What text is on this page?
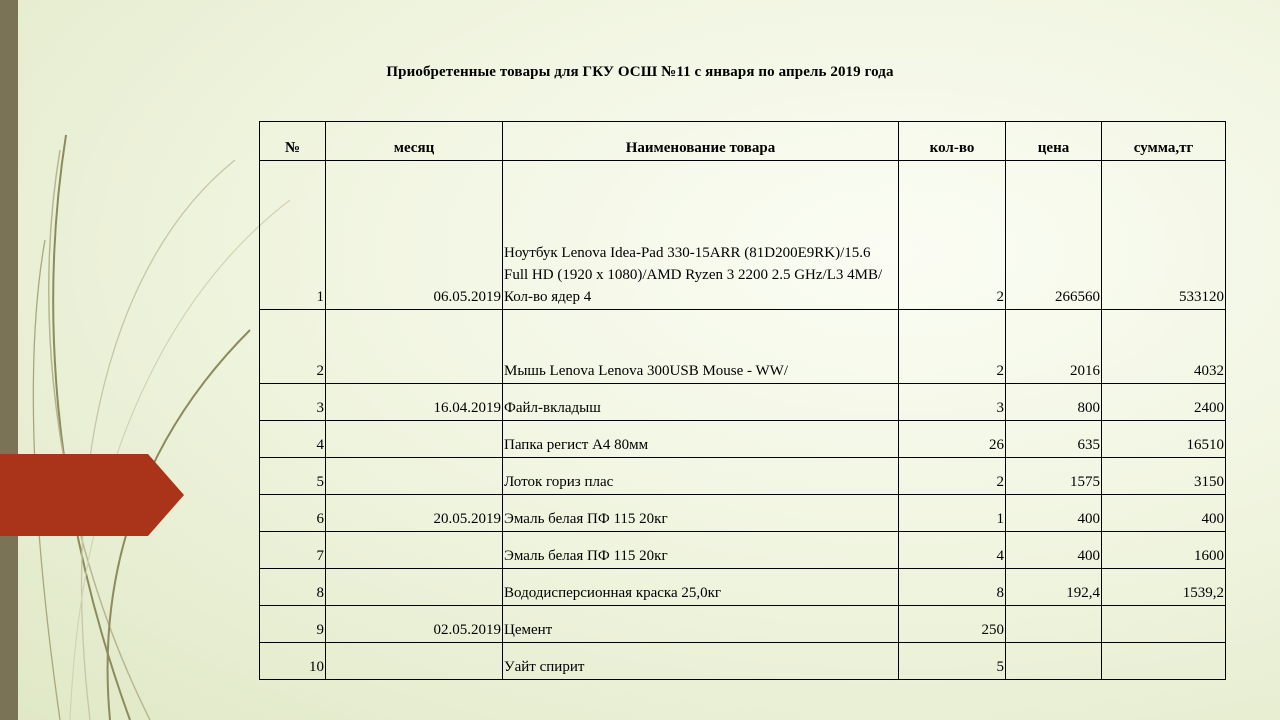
Приобретенные товары для ГКУ ОСШ №11 с января по апрель 2019 года
№	месяц	Наименование товара	кол-во	цена	сумма,тг
1	06.05.2019	Ноутбук Lenova Idea-Pad 330-15ARR (81D200E9RK)/15.6 Full HD (1920 x 1080)/AMD Ryzen 3 2200 2.5 GHz/L3 4MB/Кол-во ядер 4	2	266560	533120
2		Мышь Lenova Lenova 300USB Mouse - WW/	2	2016	4032
3	16.04.2019	Файл-вкладыш	3	800	2400
4		Папка регист А4 80мм	26	635	16510
5		Лоток гориз плас	2	1575	3150
6	20.05.2019	Эмаль белая ПФ 115 20кг	1	400	400
7		Эмаль белая ПФ 115 20кг	4	400	1600
8		Вододисперсионная краска 25,0кг	8	192,4	1539,2
9	02.05.2019	Цемент	250		
10		Уайт спирит	5		
